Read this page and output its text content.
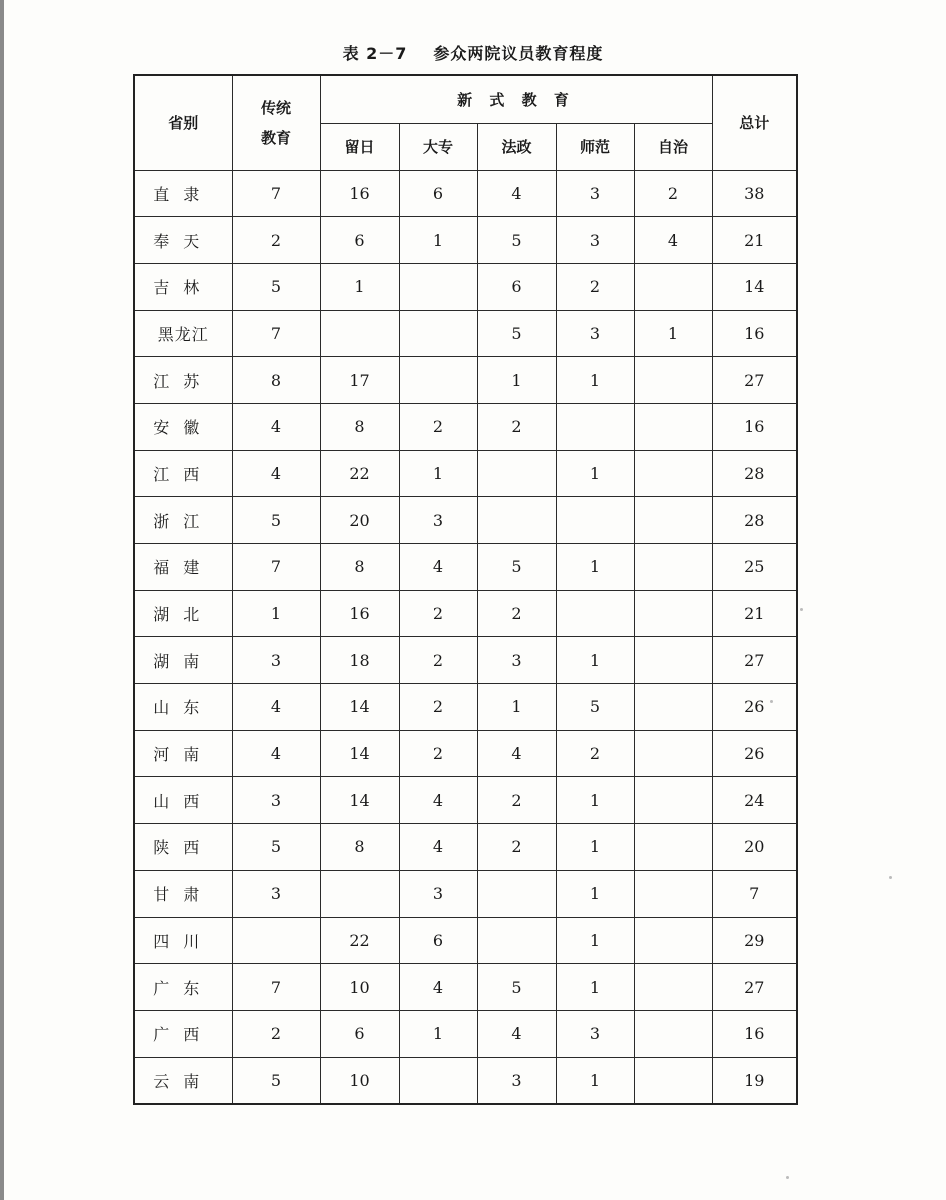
表 2－7 参众两院议员教育程度
省别	传统教育	新 式 教 育					总计
		留日	大专	法政	师范	自治	
直隶	7	16	6	4	3	2	38
奉天	2	6	1	5	3	4	21
吉林	5	1		6	2		14
黑龙江	7			5	3	1	16
江苏	8	17		1	1		27
安徽	4	8	2	2			16
江西	4	22	1		1		28
浙江	5	20	3				28
福建	7	8	4	5	1		25
湖北	1	16	2	2			21
湖南	3	18	2	3	1		27
山东	4	14	2	1	5		26
河南	4	14	2	4	2		26
山西	3	14	4	2	1		24
陕西	5	8	4	2	1		20
甘肃	3		3		1		7
四川		22	6		1		29
广东	7	10	4	5	1		27
广西	2	6	1	4	3		16
云南	5	10		3	1		19
